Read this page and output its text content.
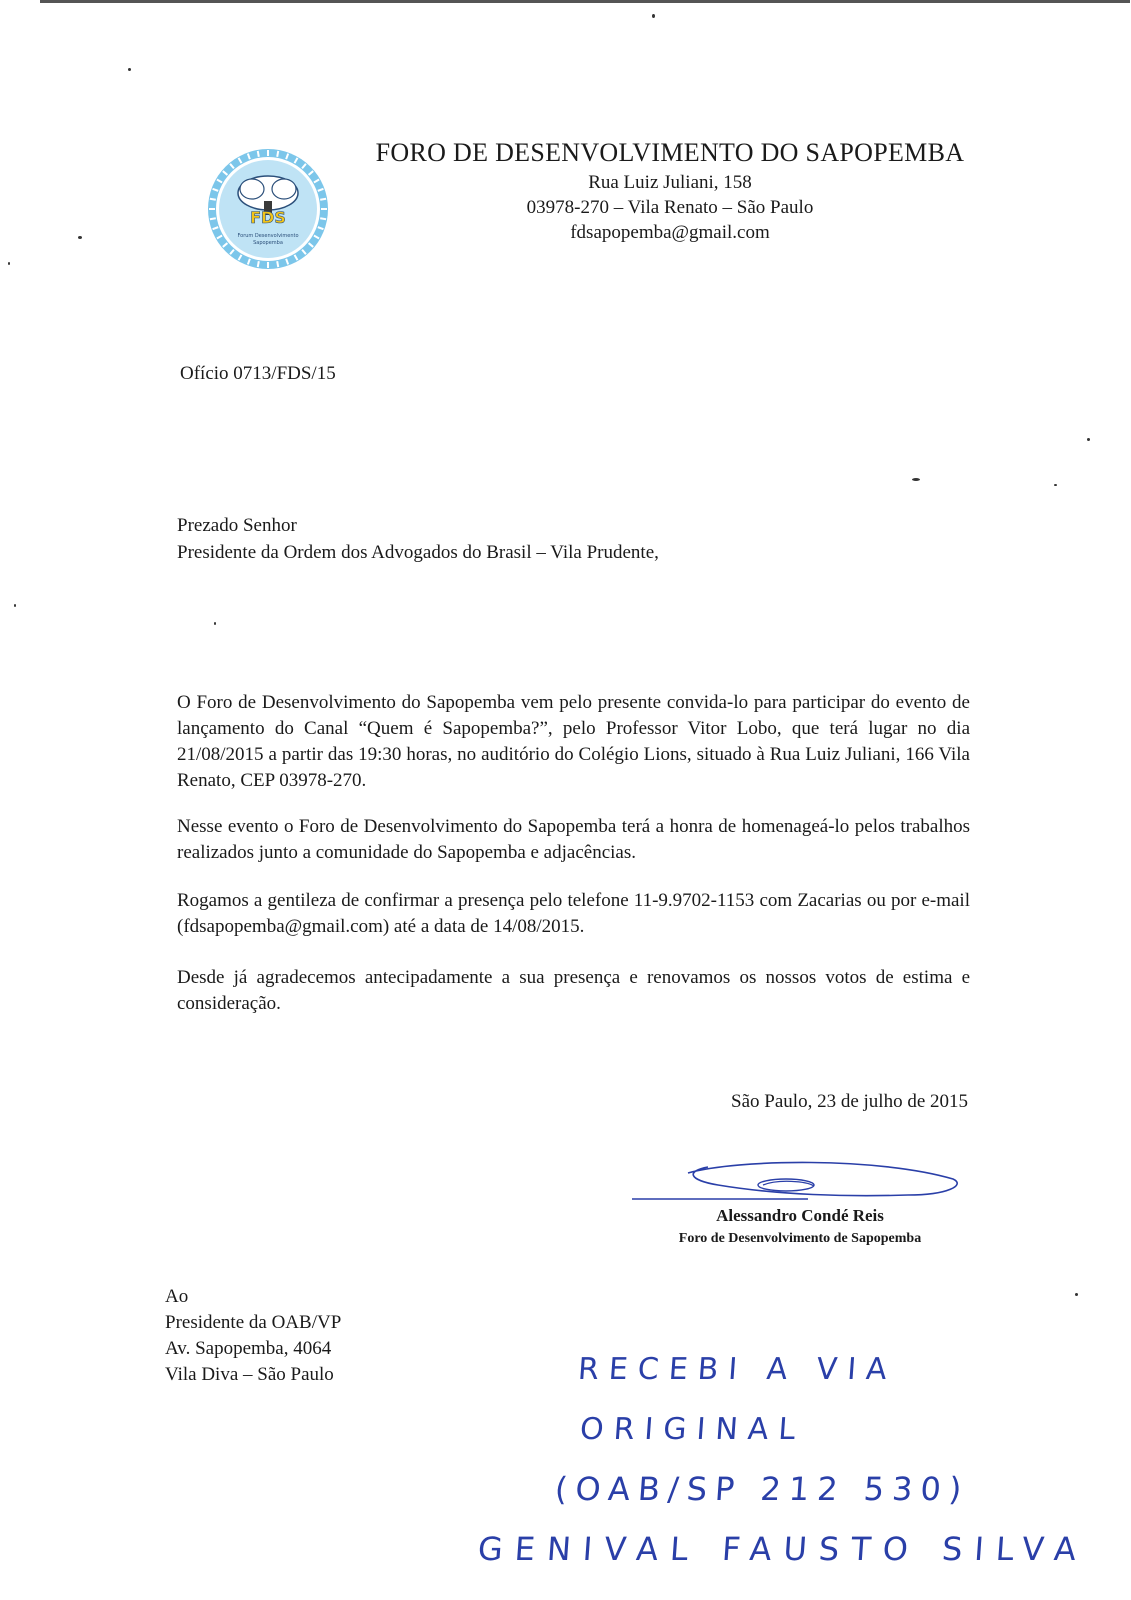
FDS
Forum Desenvolvimento
Sapopemba

FORO DE DESENVOLVIMENTO DO SAPOPEMBA

Rua Luiz Juliani, 158

03978-270 – Vila Renato – São Paulo

fdsapopemba@gmail.com

Ofício 0713/FDS/15
Prezado Senhor
Presidente da Ordem dos Advogados do Brasil – Vila Prudente,

O Foro de Desenvolvimento do Sapopemba vem pelo presente convida-lo para participar do evento de lançamento do Canal “Quem é Sapopemba?”, pelo Professor Vitor Lobo, que terá lugar no dia 21/08/2015 a partir das 19:30 horas, no auditório do Colégio Lions, situado à Rua Luiz Juliani, 166 Vila Renato, CEP 03978-270.

Nesse evento o Foro de Desenvolvimento do Sapopemba terá a honra de homenageá-lo pelos trabalhos realizados junto a comunidade do Sapopemba e adjacências.

Rogamos a gentileza de confirmar a presença pelo telefone 11-9.9702-1153 com Zacarias ou por e-mail (fdsapopemba@gmail.com) até a data de 14/08/2015.

Desde já agradecemos antecipadamente a sua presença e renovamos os nossos votos de estima e consideração.

São Paulo, 23 de julho de 2015
Alessandro Condé Reis
Foro de Desenvolvimento de Sapopemba
Ao
Presidente da OAB/VP
Av. Sapopemba, 4064
Vila Diva – São Paulo	RECEBI A VIA
ORIGINAL
(OAB/SP 212 530)
GENIVAL FAUSTO SILVA
